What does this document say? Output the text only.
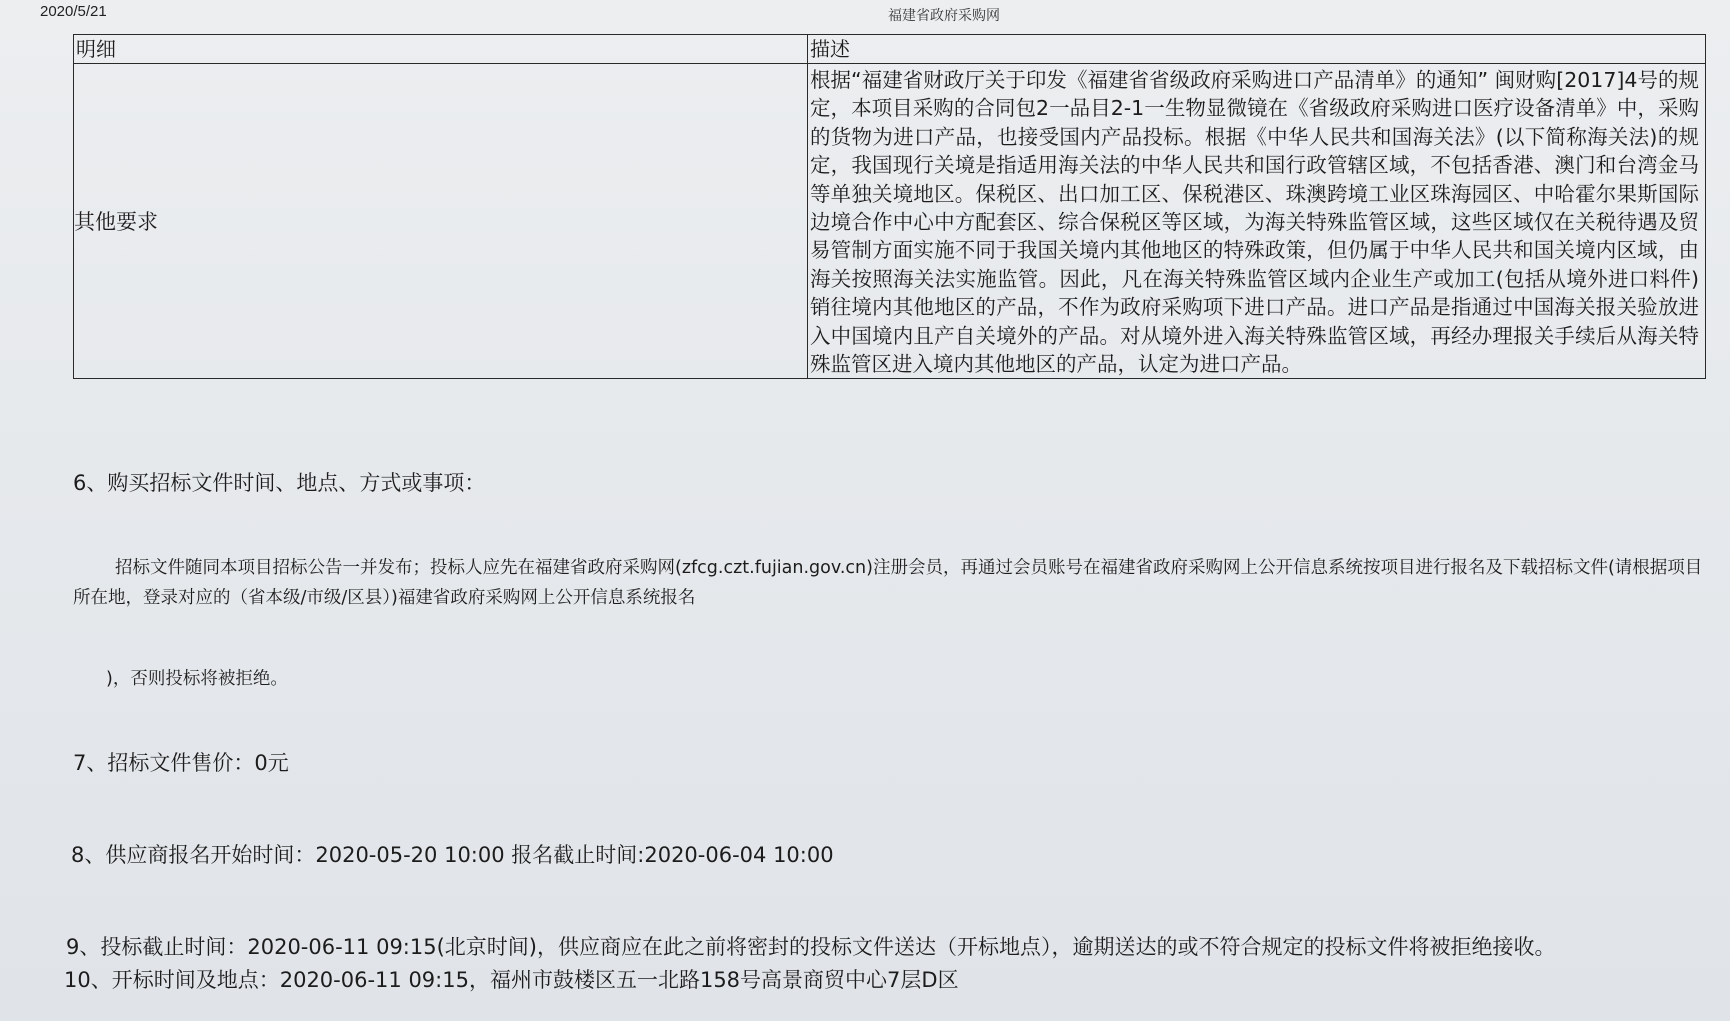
2020/5/21	福建省政府采购网
明细	描述
其他要求	根据“福建省财政厅关于印发《福建省省级政府采购进口产品清单》的通知” 闽财购[2017]4号的规定，本项目采购的合同包2一品目2-1一生物显微镜在《省级政府采购进口医疗设备清单》中，采购的货物为进口产品，也接受国内产品投标。根据《中华人民共和国海关法》(以下简称海关法)的规定，我国现行关境是指适用海关法的中华人民共和国行政管辖区域，不包括香港、澳门和台湾金马等单独关境地区。保税区、出口加工区、保税港区、珠澳跨境工业区珠海园区、中哈霍尔果斯国际边境合作中心中方配套区、综合保税区等区域，为海关特殊监管区域，这些区域仅在关税待遇及贸易管制方面实施不同于我国关境内其他地区的特殊政策，但仍属于中华人民共和国关境内区域，由海关按照海关法实施监管。因此，凡在海关特殊监管区域内企业生产或加工(包括从境外进口料件)销往境内其他地区的产品，不作为政府采购项下进口产品。进口产品是指通过中国海关报关验放进入中国境内且产自关境外的产品。对从境外进入海关特殊监管区域，再经办理报关手续后从海关特殊监管区进入境内其他地区的产品，认定为进口产品。
6、购买招标文件时间、地点、方式或事项：
招标文件随同本项目招标公告一并发布；投标人应先在福建省政府采购网(zfcg.czt.fujian.gov.cn)注册会员，再通过会员账号在福建省政府采购网上公开信息系统按项目进行报名及下载招标文件(请根据项目所在地，登录对应的（省本级/市级/区县）)福建省政府采购网上公开信息系统报名
)，否则投标将被拒绝。
7、招标文件售价：0元
8、供应商报名开始时间：2020-05-20 10:00 报名截止时间:2020-06-04 10:00
9、投标截止时间：2020-06-11 09:15(北京时间)，供应商应在此之前将密封的投标文件送达（开标地点），逾期送达的或不符合规定的投标文件将被拒绝接收。
10、开标时间及地点：2020-06-11 09:15，福州市鼓楼区五一北路158号高景商贸中心7层D区
